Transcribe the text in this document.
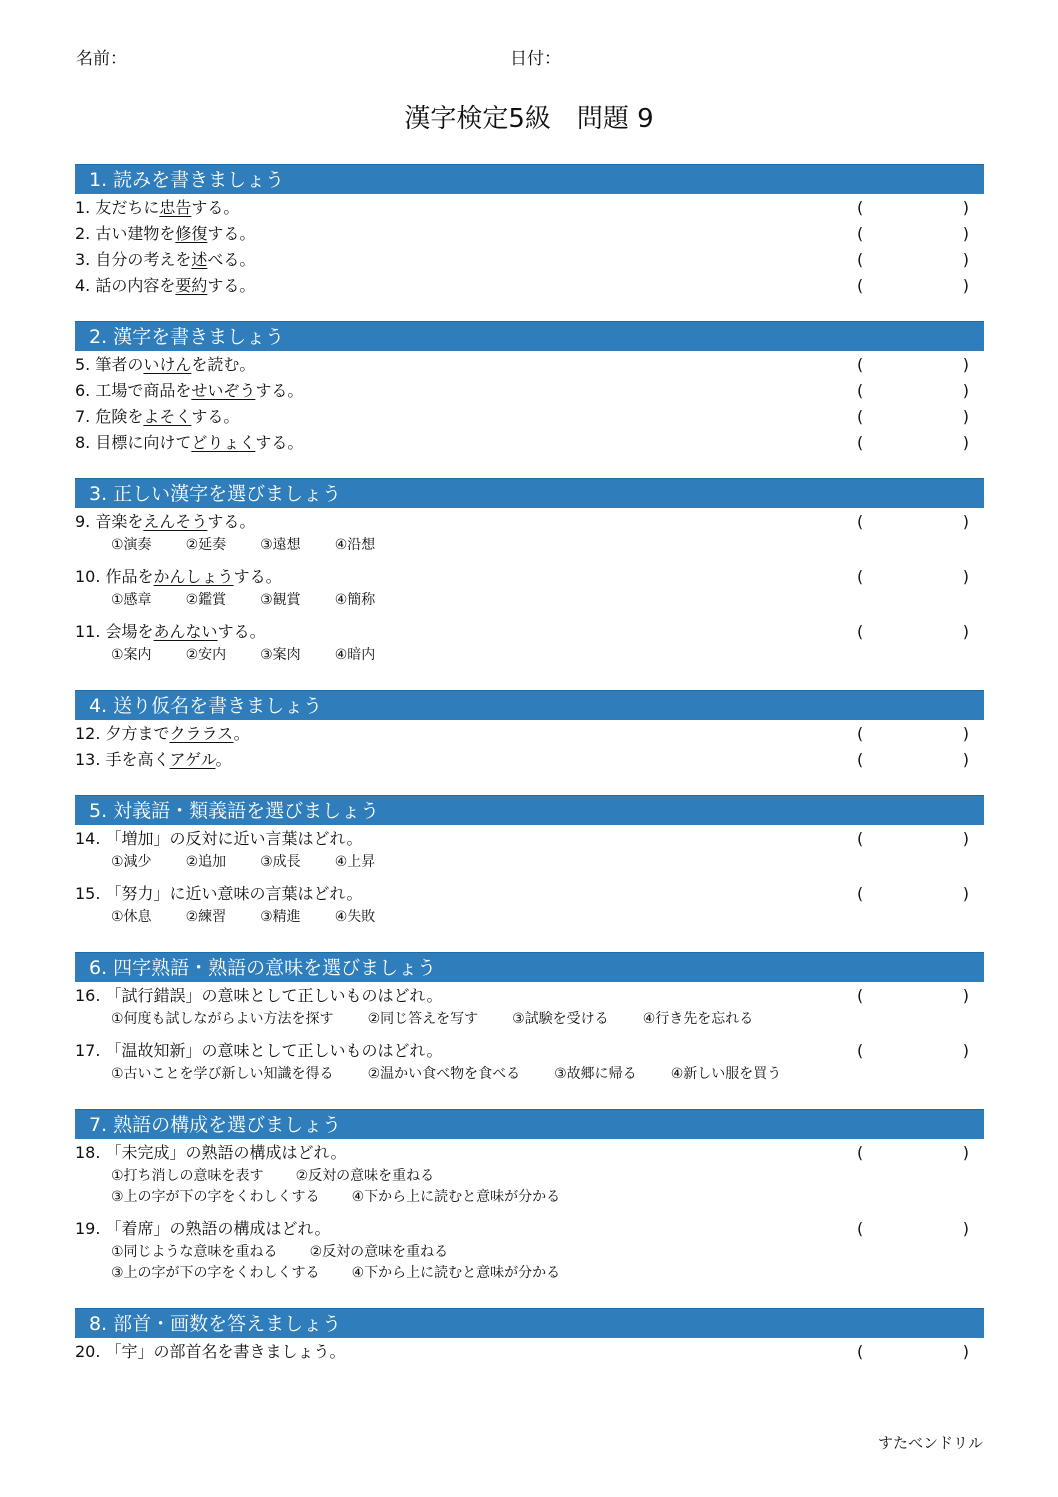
名前：	日付：
漢字検定5級　問題 9
1. 読みを書きましょう
1. 友だちに忠告する。	(	)
2. 古い建物を修復する。	(	)
3. 自分の考えを述べる。	(	)
4. 話の内容を要約する。	(	)
2. 漢字を書きましょう
5. 筆者のいけんを読む。	(	)
6. 工場で商品をせいぞうする。	(	)
7. 危険をよそくする。	(	)
8. 目標に向けてどりょくする。	(	)
3. 正しい漢字を選びましょう
9. 音楽をえんそうする。	(	)
①演奏 ②延奏 ③遠想 ④沿想
10. 作品をかんしょうする。	(	)
①感章 ②鑑賞 ③観賞 ④簡称
11. 会場をあんないする。	(	)
①案内 ②安内 ③案肉 ④暗内
4. 送り仮名を書きましょう
12. 夕方までクララス。	(	)
13. 手を高くアゲル。	(	)
5. 対義語・類義語を選びましょう
14. 「増加」の反対に近い言葉はどれ。	(	)
①減少 ②追加 ③成長 ④上昇
15. 「努力」に近い意味の言葉はどれ。	(	)
①休息 ②練習 ③精進 ④失敗
6. 四字熟語・熟語の意味を選びましょう
16. 「試行錯誤」の意味として正しいものはどれ。	(	)
①何度も試しながらよい方法を探す ②同じ答えを写す ③試験を受ける ④行き先を忘れる
17. 「温故知新」の意味として正しいものはどれ。	(	)
①古いことを学び新しい知識を得る ②温かい食べ物を食べる ③故郷に帰る ④新しい服を買う
7. 熟語の構成を選びましょう
18. 「未完成」の熟語の構成はどれ。	(	)
①打ち消しの意味を表す ②反対の意味を重ねる
③上の字が下の字をくわしくする ④下から上に読むと意味が分かる
19. 「着席」の熟語の構成はどれ。	(	)
①同じような意味を重ねる ②反対の意味を重ねる
③上の字が下の字をくわしくする ④下から上に読むと意味が分かる
8. 部首・画数を答えましょう
20. 「宇」の部首名を書きましょう。	(	)
すたべンドリル
